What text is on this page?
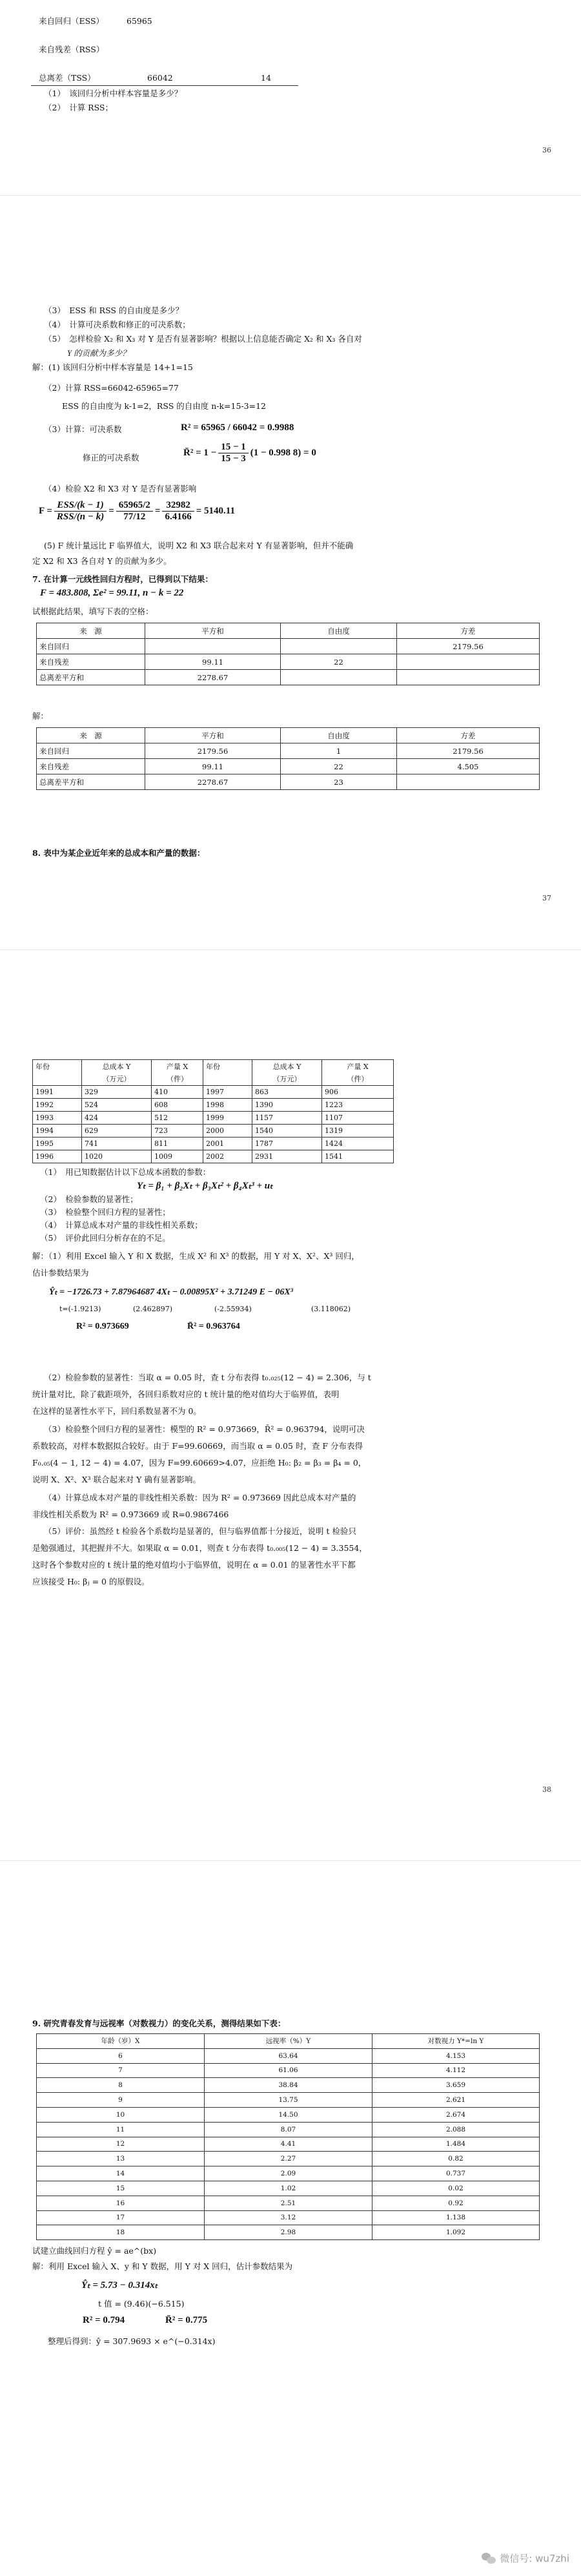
来自回归（ESS）	65965
来自残差（RSS）
总离差（TSS）	66042	14
（1）　该回归分析中样本容量是多少？
（2）　计算 RSS；
36
（3）　ESS 和 RSS 的自由度是多少？
（4）　计算可决系数和修正的可决系数；
（5）　怎样检验 X₂ 和 X₃ 对 Y 是否有显著影响？根据以上信息能否确定 X₂ 和 X₃ 各自对
Y 的贡献为多少？
解：(1) 该回归分析中样本容量是 14+1=15
（2）计算 RSS=66042-65965=77
ESS 的自由度为 k-1=2，RSS 的自由度 n-k=15-3=12
（3）计算：可决系数	R² = 65965 / 66042 = 0.9988
修正的可决系数	R̄² = $1 - \frac{15 - 1}{15 - 3} (1 - 0.998$ 8) = 0
（4）检验 X2 和 X3 对 Y 是否有显著影响
$F = \frac{\text{ESS/(k − 1)}}{\text{RSS/(n − k)}} = \frac{65965/2}{77/12} = \frac{32982}{6.4166} = 5140.11$
(5) F 统计量远比 F 临界值大，说明 X2 和 X3 联合起来对 Y 有显著影响，但并不能确
定 X2 和 X3 各自对 Y 的贡献为多少。
7. 在计算一元线性回归方程时，已得到以下结果：
F = 483.808, Σe² = 99.11, n − k = 22
试根据此结果，填写下表的空格：
来　源	平方和	自由度	方差
来自回归			2179.56
来自残差	99.11	22	
总离差平方和	2278.67		
解：
来　源	平方和	自由度	方差
来自回归	2179.56	1	2179.56
来自残差	99.11	22	4.505
总离差平方和	2278.67	23	
8. 表中为某企业近年来的总成本和产量的数据：
37
年份	总成本 Y	产量 X	年份	总成本 Y	产量 X
	（万元）	（件）		（万元）	（件）
1991	329	410	1997	863	906
1992	524	608	1998	1390	1223
1993	424	512	1999	1157	1107
1994	629	723	2000	1540	1319
1995	741	811	2001	1787	1424
1996	1020	1009	2002	2931	1541
（1）　用已知数据估计以下总成本函数的参数：
Yₜ = β₁ + β₂Xₜ + β₃Xₜ² + β₄Xₜ³ + uₜ
（2）　检验参数的显著性；
（3）　检验整个回归方程的显著性；
（4）　计算总成本对产量的非线性相关系数；
（5）　评价此回归分析存在的不足。
解：（1）利用 Excel 输入 Y 和 X 数据，生成 X² 和 X³ 的数据，用 Y 对 X、X²、X³ 回归，
估计参数结果为
Ŷₜ = −1726.73 + 7.87964687 4Xₜ − 0.00895X² + 3.71249 E − 06X³
t=(-1.9213)	(2.462897)	(-2.55934)	(3.118062)
R² = 0.973669	R̄² = 0.963764
（2）检验参数的显著性：当取 α = 0.05 时，查 t 分布表得 t₀.₀₂₅(12 − 4) = 2.306，与 t
统计量对比，除了截距项外，各回归系数对应的 t 统计量的绝对值均大于临界值，表明
在这样的显著性水平下，回归系数显著不为 0。
（3）检验整个回归方程的显著性：模型的 R² = 0.973669，R̄² = 0.963794，说明可决
系数较高，对样本数据拟合较好。由于 F=99.60669，而当取 α = 0.05 时，查 F 分布表得
F₀.₀₅(4 − 1, 12 − 4) = 4.07，因为 F=99.60669>4.07，应拒绝 H₀: β₂ = β₃ = β₄ = 0，
说明 X、X²、X³ 联合起来对 Y 确有显著影响。
（4）计算总成本对产量的非线性相关系数：因为 R² = 0.973669 因此总成本对产量的
非线性相关系数为 R² = 0.973669 或 R=0.9867466
（5）评价：虽然经 t 检验各个系数均是显著的，但与临界值都十分接近，说明 t 检验只
是勉强通过，其把握并不大。如果取 α = 0.01，则查 t 分布表得 t₀.₀₀₅(12 − 4) = 3.3554，
这时各个参数对应的 t 统计量的绝对值均小于临界值，说明在 α = 0.01 的显著性水平下都
应该接受 H₀: βⱼ = 0 的原假设。
38
9. 研究青春发育与远视率（对数视力）的变化关系，测得结果如下表：
年龄（岁）X	远视率（%）Y	对数视力 Y*=ln Y
6	63.64	4.153
7	61.06	4.112
8	38.84	3.659
9	13.75	2.621
10	14.50	2.674
11	8.07	2.088
12	4.41	1.484
13	2.27	0.82
14	2.09	0.737
15	1.02	0.02
16	2.51	0.92
17	3.12	1.138
18	2.98	1.092
试建立曲线回归方程 ŷ = ae^(bx)
解：利用 Excel 输入 X、y 和 Y 数据，用 Y 对 X 回归，估计参数结果为
Ŷₜ = 5.73 − 0.314xₜ
t 值 = (9.46)(−6.515)
R² = 0.794	R̄² = 0.775
整理后得到：ŷ = 307.9693 × e^(−0.314x)
微信号: wu7zhi
